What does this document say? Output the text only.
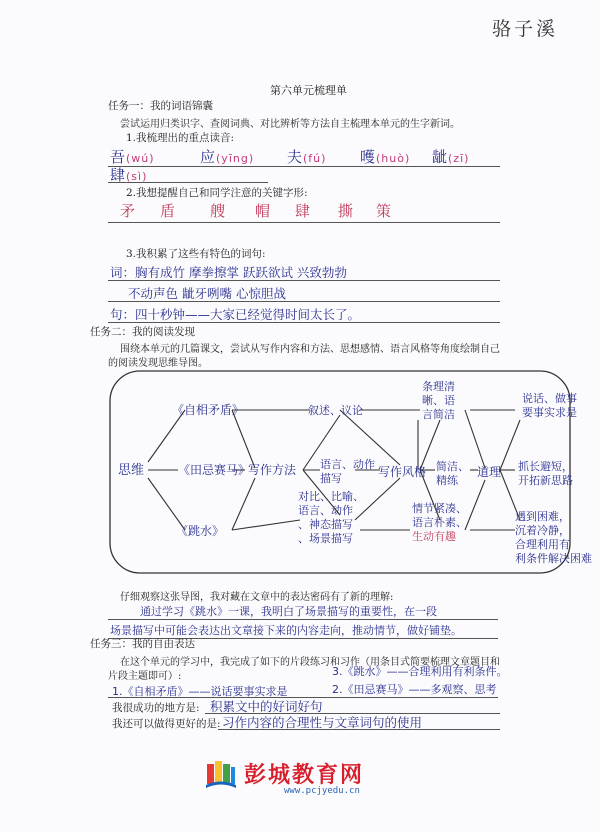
骆子溪
第六单元梳理单
任务一：我的词语锦囊
尝试运用归类识字、查阅词典、对比辨析等方法自主梳理本单元的生字新词。
1.我梳理出的重点读音:
吾(wú)	应(yīng) 夫(fú) 嚄(huò) 龇(zī)
肆(sì)
2.我想提醒自己和同学注意的关键字形:
矛 盾 艘 帽 肆 撕 策
3.我积累了这些有特色的词句:
词：胸有成竹 摩拳擦掌 跃跃欲试 兴致勃勃
不动声色 龇牙咧嘴 心惊胆战
句：四十秒钟——大家已经觉得时间太长了。
任务二：我的阅读发现
围绕本单元的几篇课文，尝试从写作内容和方法、思想感情、语言风格等角度绘制自己
的阅读发现思维导图。
思维
《自相矛盾》
《田忌赛马》
《跳水》
写作方法
叙述、议论
语言、动作 描写
对比、比喻、 语言、动作 、神态描写 、场景描写
写作风格
条理清 晰、语 言简洁
简洁、 精练
情节紧凑、 语言朴素、 生动有趣
道理
说话、做事 要事实求是
抓长避短， 开拓新思路
遇到困难， 沉着冷静， 合理利用有 利条件解决困难
仔细观察这张导图，我对藏在文章中的表达密码有了新的理解:
通过学习《跳水》一课，我明白了场景描写的重要性，在一段
场景描写中可能会表达出文章接下来的内容走向，推动情节，做好铺垫。
任务三：我的自由表达
在这个单元的学习中，我完成了如下的片段练习和习作（用条目式简要梳理文章题目和
片段主题即可）:	3.《跳水》——合理利用有利条件。
1.《自相矛盾》——说话要事实求是	2.《田忌赛马》——多观察、思考
我很成功的地方是: 积累文中的好词好句
我还可以做得更好的是: 习作内容的合理性与文章词句的使用
彭城教育网
www.pcjyedu.cn
